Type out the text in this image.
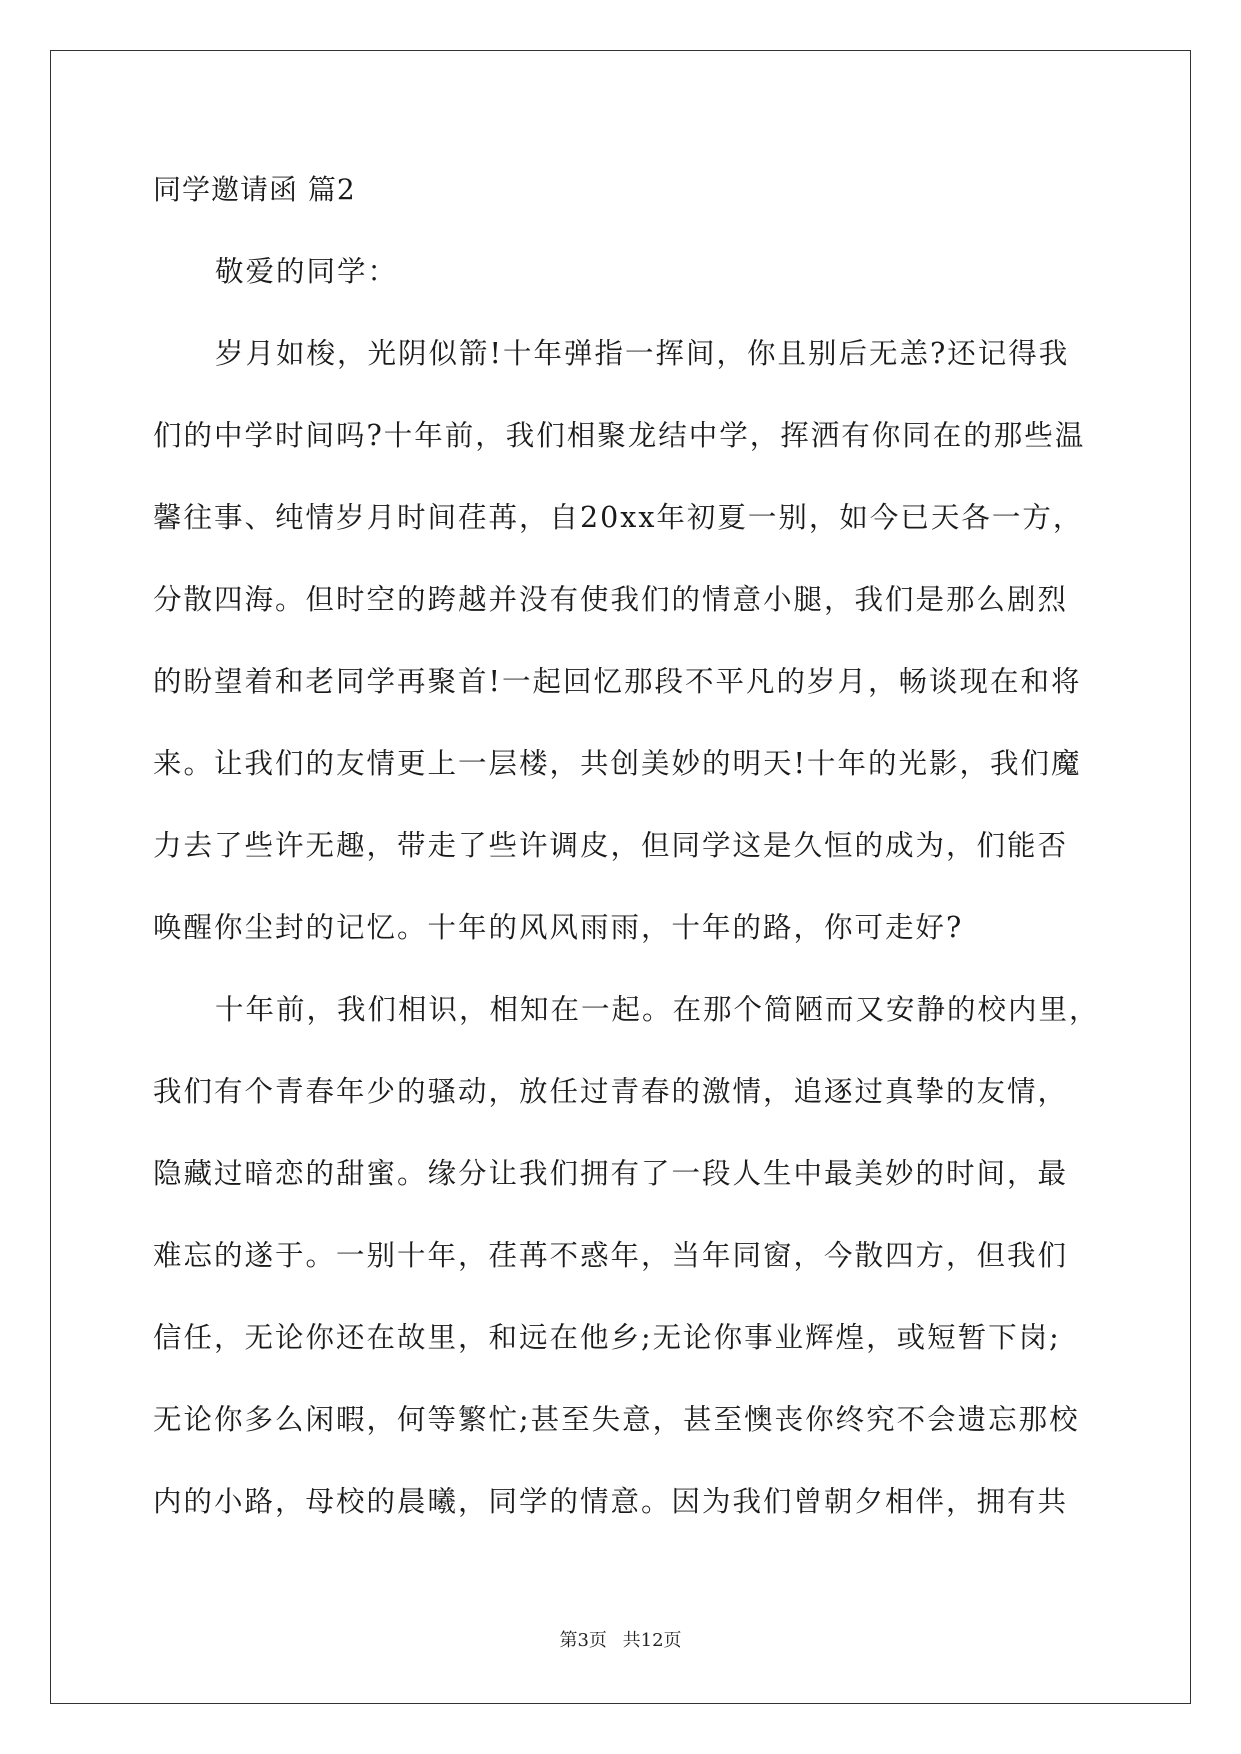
同学邀请函 篇2
敬爱的同学：
岁月如梭，光阴似箭!十年弹指一挥间，你且别后无恙?还记得我
们的中学时间吗?十年前，我们相聚龙结中学，挥洒有你同在的那些温
馨往事、纯情岁月时间荏苒，自20xx年初夏一别，如今已天各一方，
分散四海。但时空的跨越并没有使我们的情意小腿，我们是那么剧烈
的盼望着和老同学再聚首!一起回忆那段不平凡的岁月，畅谈现在和将
来。让我们的友情更上一层楼，共创美妙的明天!十年的光影，我们魔
力去了些许无趣，带走了些许调皮，但同学这是久恒的成为，们能否
唤醒你尘封的记忆。十年的风风雨雨，十年的路，你可走好?
十年前，我们相识，相知在一起。在那个简陋而又安静的校内里，
我们有个青春年少的骚动，放任过青春的激情，追逐过真挚的友情，
隐藏过暗恋的甜蜜。缘分让我们拥有了一段人生中最美妙的时间，最
难忘的遂于。一别十年，荏苒不惑年，当年同窗，今散四方，但我们
信任，无论你还在故里，和远在他乡;无论你事业辉煌，或短暂下岗;
无论你多么闲暇，何等繁忙;甚至失意，甚至懊丧你终究不会遗忘那校
内的小路，母校的晨曦，同学的情意。因为我们曾朝夕相伴，拥有共
第3页 共12页
